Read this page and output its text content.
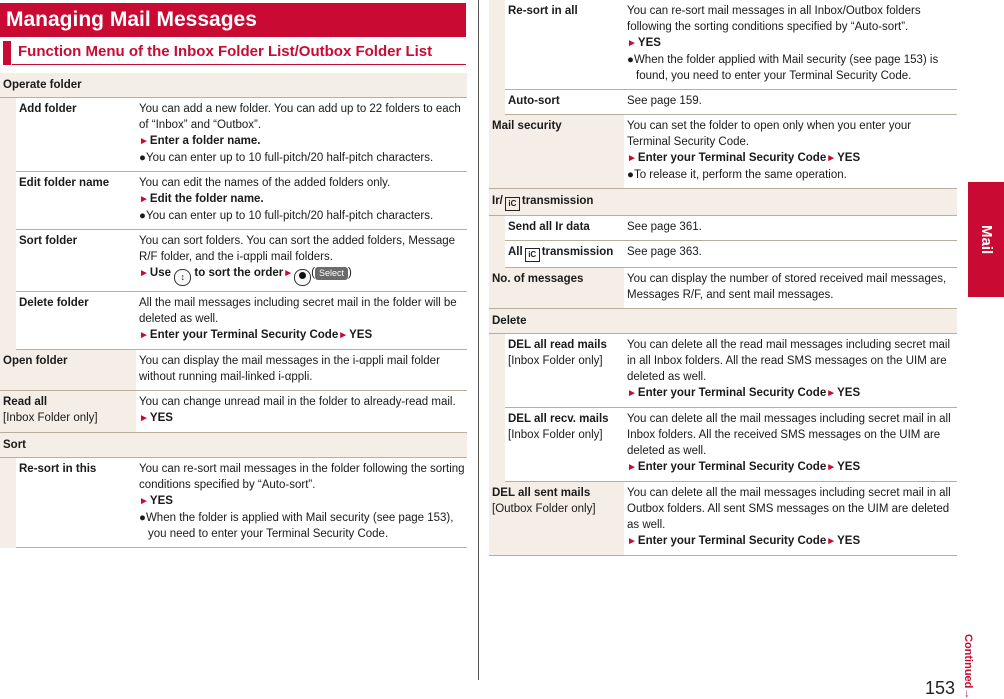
Managing Mail Messages
Function Menu of the Inbox Folder List/Outbox Folder List
Operate folder		
	Add folder	You can add a new folder. You can add up to 22 folders to each of “Inbox” and “Outbox”.
►Enter a folder name.

●You can enter up to 10 full-pitch/20 half-pitch characters.

	Edit folder name	You can edit the names of the added folders only.
►Edit the folder name.

●You can enter up to 10 full-pitch/20 half-pitch characters.

	Sort folder	You can sort folders. You can sort the added folders, Message R/F folder, and the i-αppli mail folders.
►Use ↕ to sort the order► ( Select )
	Delete folder	All the mail messages including secret mail in the folder will be deleted as well.
►Enter your Terminal Security Code►YES
Open folder		You can display the mail messages in the i-αppli mail folder without running mail-linked i-αppli.
Read all
[Inbox Folder only]		You can change unread mail in the folder to already-read mail.
►YES
Sort		
	Re-sort in this	You can re-sort mail messages in the folder following the sorting conditions specified by “Auto-sort”.
►YES

●When the folder is applied with Mail security (see page 153), you need to enter your Terminal Security Code.
	Re-sort in all	You can re-sort mail messages in all Inbox/Outbox folders following the sorting conditions specified by “Auto-sort”.
►YES

●When the folder applied with Mail security (see page 153) is found, you need to enter your Terminal Security Code.

	Auto-sort	See page 159.
Mail security		You can set the folder to open only when you enter your Terminal Security Code.
►Enter your Terminal Security Code►YES

●To release it, perform the same operation.

Ir/ iC transmission		
	Send all Ir data	See page 361.
	All iC transmission	See page 363.
No. of messages		You can display the number of stored received mail messages, Messages R/F, and sent mail messages.
Delete		
	DEL all read mails
[Inbox Folder only]	You can delete all the read mail messages including secret mail in all Inbox folders. All the read SMS messages on the UIM are deleted as well.
►Enter your Terminal Security Code►YES
	DEL all recv. mails
[Inbox Folder only]	You can delete all the mail messages including secret mail in all Inbox folders. All the received SMS messages on the UIM are deleted as well.
►Enter your Terminal Security Code►YES
DEL all sent mails
[Outbox Folder only]		You can delete all the mail messages including secret mail in all Outbox folders. All sent SMS messages on the UIM are deleted as well.
►Enter your Terminal Security Code►YES
Mail
Continued→
153
